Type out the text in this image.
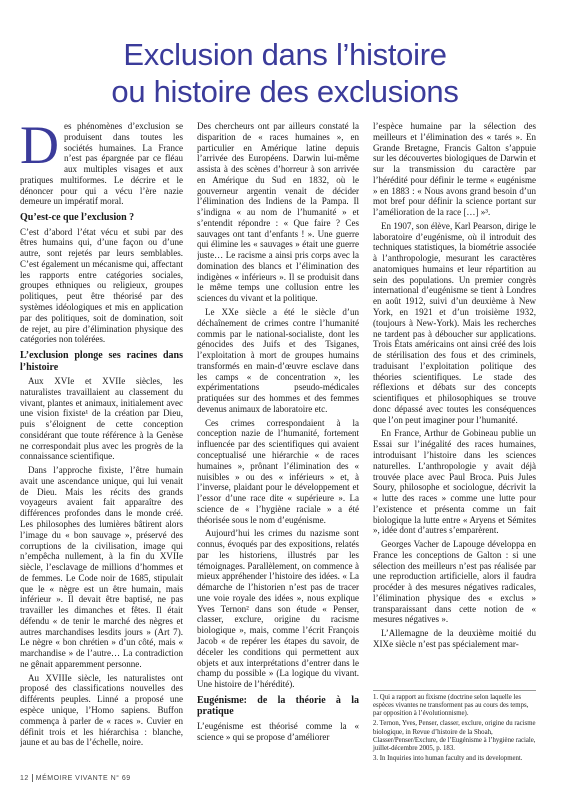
Exclusion dans l’histoire
ou histoire des exclusions

Des phénomènes d’exclusion se produisent dans toutes les sociétés humaines. La France n’est pas épargnée par ce fléau aux multiples visages et aux pratiques multiformes. Le décrire et le dénoncer pour qui a vécu l’ère nazie demeure un impératif moral.

Qu’est-ce que l’exclusion ?

C’est d’abord l’état vécu et subi par des êtres humains qui, d’une façon ou d’une autre, sont rejetés par leurs semblables. C’est également un mécanisme qui, affectant les rapports entre catégories sociales, groupes ethniques ou religieux, groupes politiques, peut être théorisé par des systèmes idéologiques et mis en application par des politiques, soit de domination, soit de rejet, au pire d’élimination physique des catégories non tolérées.

L’exclusion plonge ses racines dans l’histoire

Aux XVIe et XVIIe siècles, les naturalistes travaillaient au classement du vivant, plantes et animaux, initialement avec une vision fixiste¹ de la création par Dieu, puis s’éloignent de cette conception considérant que toute référence à la Genèse ne correspondait plus avec les progrès de la connaissance scientifique.

Dans l’approche fixiste, l’être humain avait une ascendance unique, qui lui venait de Dieu. Mais les récits des grands voyageurs avaient fait apparaître des différences profondes dans le monde créé. Les philosophes des lumières bâtirent alors l’image du « bon sauvage », préservé des corruptions de la civilisation, image qui n’empêcha nullement, à la fin du XVIIe siècle, l’esclavage de millions d’hommes et de femmes. Le Code noir de 1685, stipulait que le « nègre est un être humain, mais inférieur ». Il devait être baptisé, ne pas travailler les dimanches et fêtes. Il était défendu « de tenir le marché des nègres et autres marchandises lesdits jours » (Art 7). Le nègre « bon chrétien » d’un côté, mais « marchandise » de l’autre… La contradiction ne gênait apparemment personne.

Au XVIIIe siècle, les naturalistes ont proposé des classifications nouvelles des différents peuples. Linné a proposé une espèce unique, l’Homo sapiens. Buffon commença à parler de « races ». Cuvier en définit trois et les hiérarchisa : blanche, jaune et au bas de l’échelle, noire.

Des chercheurs ont par ailleurs constaté la disparition de « races humaines », en particulier en Amérique latine depuis l’arrivée des Européens. Darwin lui-même assista à des scènes d’horreur à son arrivée en Amérique du Sud en 1832, où le gouverneur argentin venait de décider l’élimination des Indiens de la Pampa. Il s’indigna « au nom de l’humanité » et s’entendit répondre : « Que faire ? Ces sauvages ont tant d’enfants ! ». Une guerre qui élimine les « sauvages » était une guerre juste… Le racisme a ainsi pris corps avec la domination des blancs et l’élimination des indigènes « inférieurs ». Il se produisit dans le même temps une collusion entre les sciences du vivant et la politique.

Le XXe siècle a été le siècle d’un déchaînement de crimes contre l’humanité commis par le national-socialiste, dont les génocides des Juifs et des Tsiganes, l’exploitation à mort de groupes humains transformés en main-d’œuvre esclave dans les camps « de concentration », les expérimentations pseudo-médicales pratiquées sur des hommes et des femmes devenus animaux de laboratoire etc.

Ces crimes correspondaient à la conception nazie de l’humanité, fortement influencée par des scientifiques qui avaient conceptualisé une hiérarchie « de races humaines », prônant l’élimination des « nuisibles » ou des « inférieurs » et, à l’inverse, plaidant pour le développement et l’essor d’une race dite « supérieure ». La science de « l’hygiène raciale » a été théorisée sous le nom d’eugénisme.

Aujourd’hui les crimes du nazisme sont connus, évoqués par des expositions, relatés par les historiens, illustrés par les témoignages. Parallèlement, on commence à mieux appréhender l’histoire des idées. « La démarche de l’historien n’est pas de tracer une voie royale des idées », nous explique Yves Ternon² dans son étude « Penser, classer, exclure, origine du racisme biologique », mais, comme l’écrit François Jacob « de repérer les étapes du savoir, de déceler les conditions qui permettent aux objets et aux interprétations d’entrer dans le champ du possible » (La logique du vivant. Une histoire de l’hérédité).

Eugénisme: de la théorie à la pratique

L’eugénisme est théorisé comme la « science » qui se propose d’améliorer

l’espèce humaine par la sélection des meilleurs et l’élimination des « tarés ». En Grande Bretagne, Francis Galton s’appuie sur les découvertes biologiques de Darwin et sur la transmission du caractère par l’hérédité pour définir le terme « eugénisme » en 1883 : « Nous avons grand besoin d’un mot bref pour définir la science portant sur l’amélioration de la race […] »³.

En 1907, son élève, Karl Pearson, dirige le laboratoire d’eugénisme, où il introduit des techniques statistiques, la biométrie associée à l’anthropologie, mesurant les caractères anatomiques humains et leur répartition au sein des populations. Un premier congrès international d’eugénisme se tient à Londres en août 1912, suivi d’un deuxième à New York, en 1921 et d’un troisième 1932, (toujours à New-York). Mais les recherches ne tardent pas à déboucher sur applications. Trois États américains ont ainsi créé des lois de stérilisation des fous et des criminels, traduisant l’exploitation politique des théories scientifiques. Le stade des réflexions et débats sur des concepts scientifiques et philosophiques se trouve donc dépassé avec toutes les conséquences que l’on peut imaginer pour l’humanité.

En France, Arthur de Gobineau publie un Essai sur l’inégalité des races humaines, introduisant l’histoire dans les sciences naturelles. L’anthropologie y avait déjà trouvée place avec Paul Broca. Puis Jules Soury, philosophe et sociologue, décrivit la « lutte des races » comme une lutte pour l’existence et présenta comme un fait biologique la lutte entre « Aryens et Sémites », idée dont d’autres s’emparèrent.

Georges Vacher de Lapouge développa en France les conceptions de Galton : si une sélection des meilleurs n’est pas réalisée par une reproduction artificielle, alors il faudra procéder à des mesures négatives radicales, l’élimination physique des « exclus » transparaissant dans cette notion de « mesures négatives ».

L’Allemagne de la deuxième moitié du XIXe siècle n’est pas spécialement mar-

1. Qui a rapport au fixisme (doctrine selon laquelle les espèces vivantes ne transforment pas au cours des temps, par opposition à l’évolutionnisme).

2. Ternon, Yves, Penser, classer, exclure, origine du racisme biologique, in Revue d’histoire de la Shoah, Classer/Penser/Exclure, de l’Eugénisme à l’hygiène raciale, juillet-décembre 2005, p. 183.

3. In Inquiries into human faculty and its development.

12 MÉMOIRE VIVANTE N° 69
